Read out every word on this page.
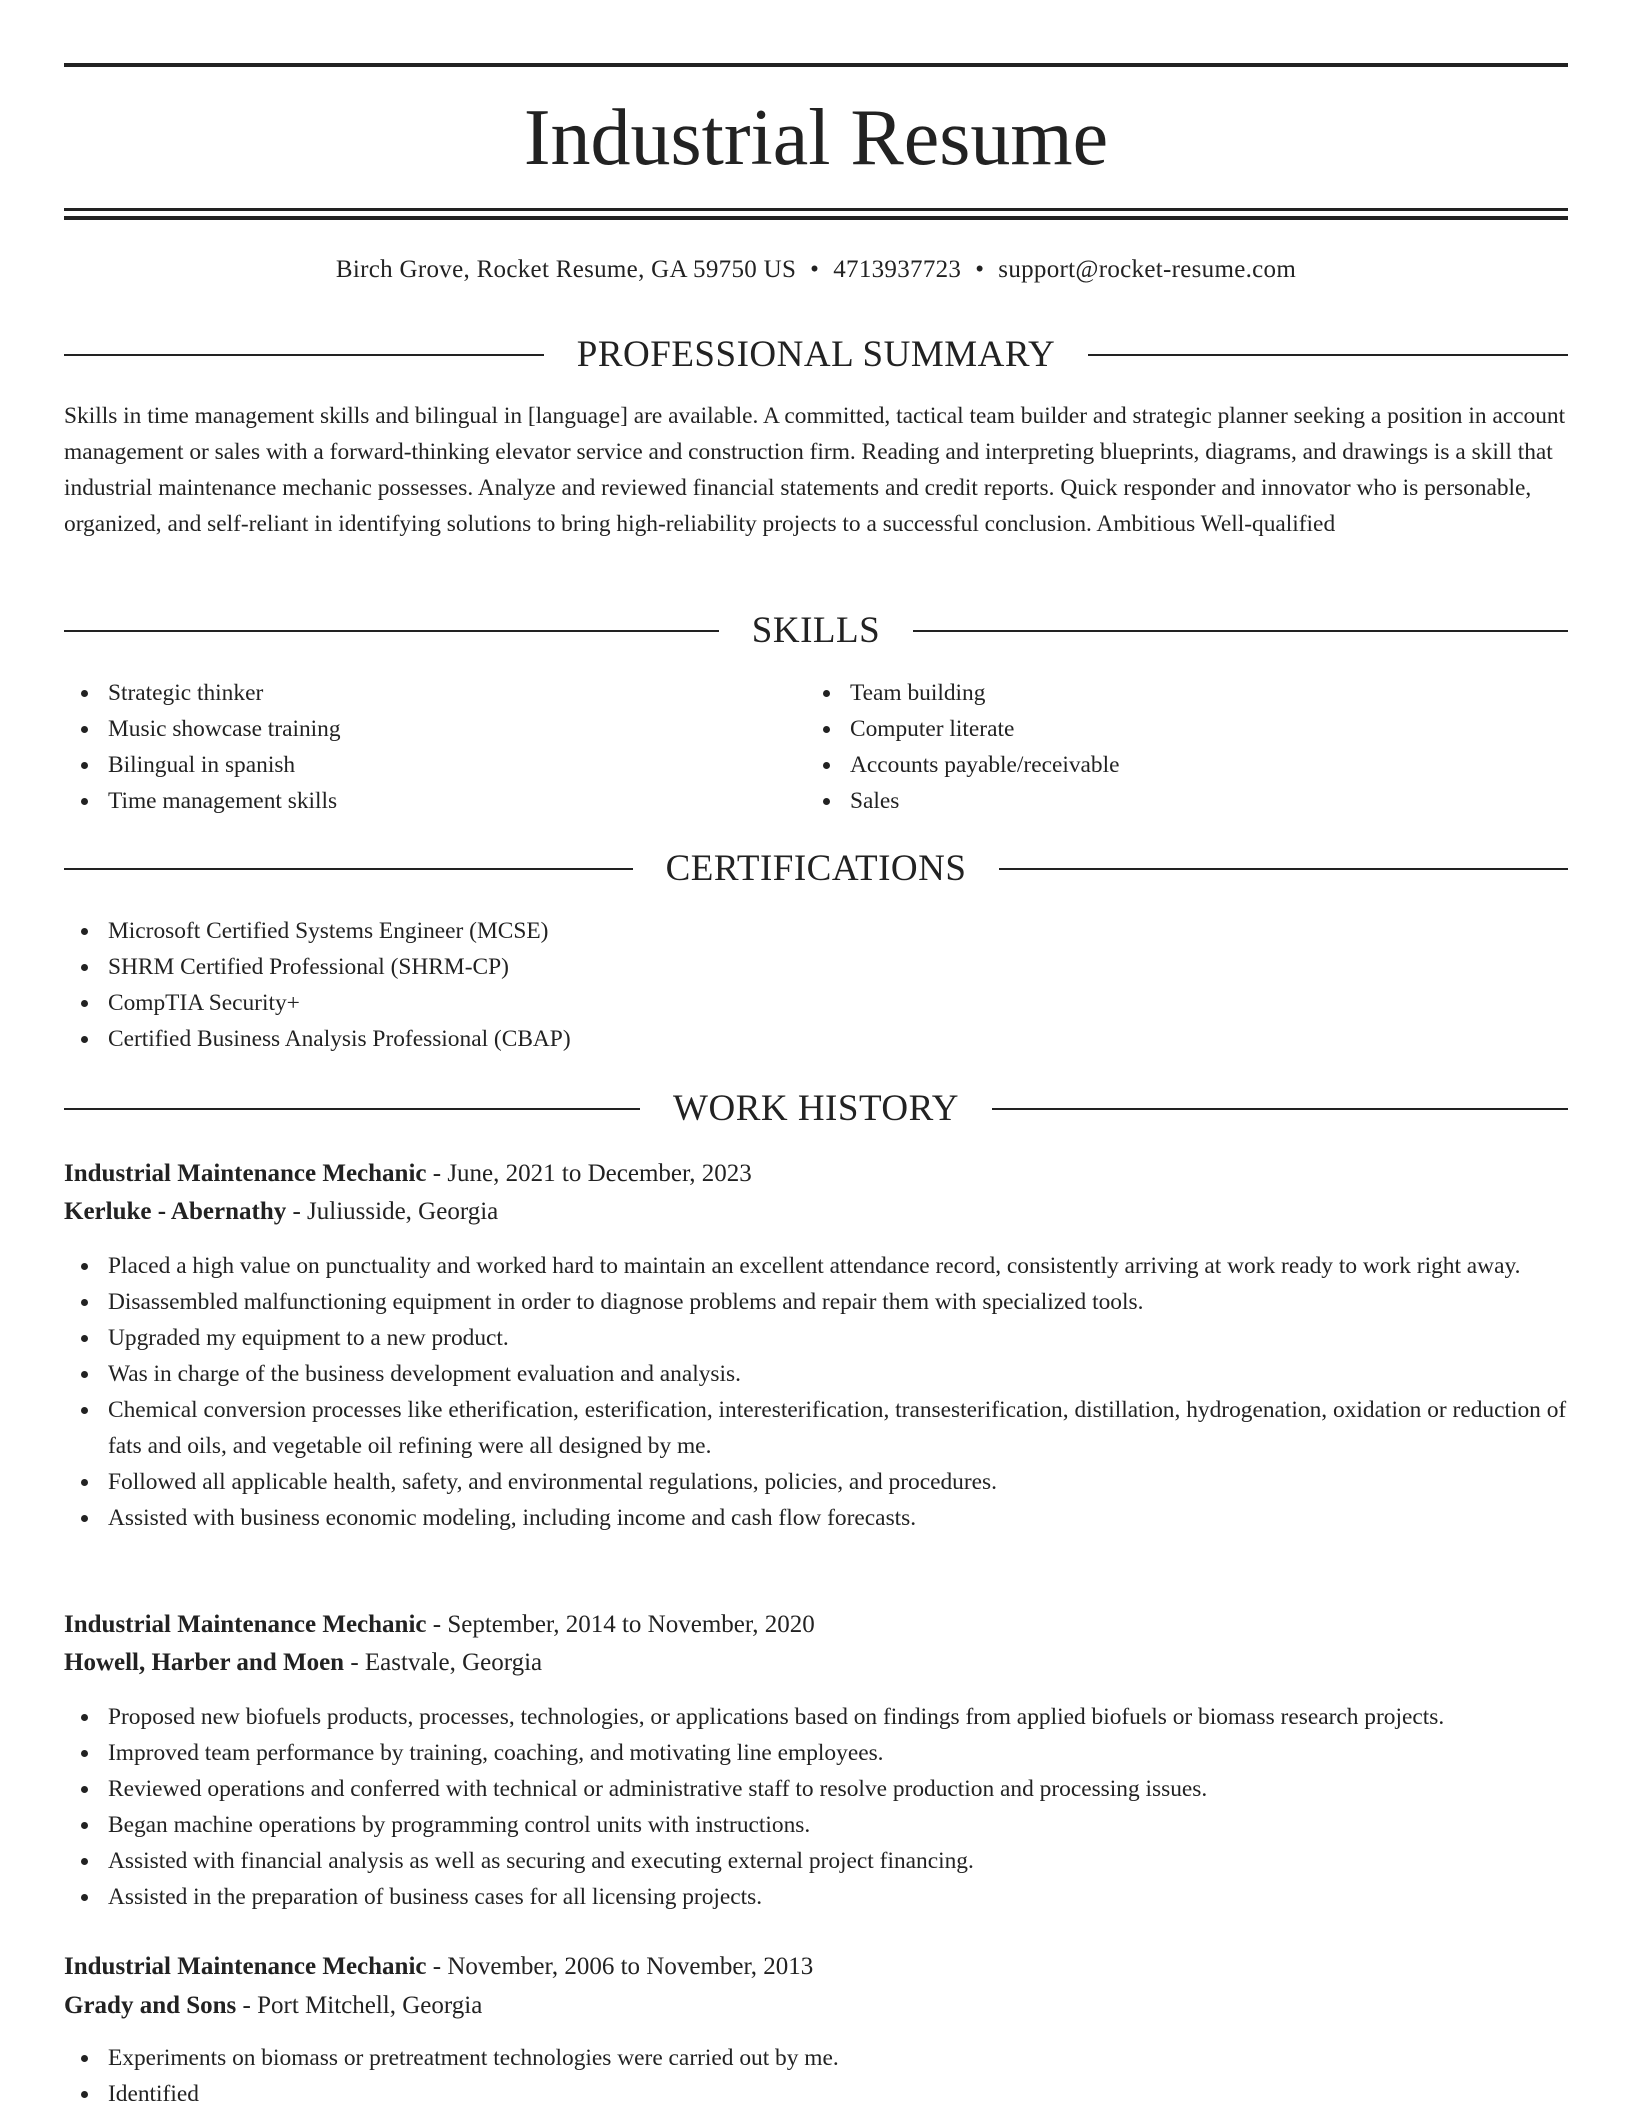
Industrial Resume
Birch Grove, Rocket Resume, GA 59750 US • 4713937723 • support@rocket-resume.com
PROFESSIONAL SUMMARY

Skills in time management skills and bilingual in [language] are available. A committed, tactical team builder and strategic planner seeking a position in account management or sales with a forward-thinking elevator service and construction firm. Reading and interpreting blueprints, diagrams, and drawings is a skill that industrial maintenance mechanic possesses. Analyze and reviewed financial statements and credit reports. Quick responder and innovator who is personable, organized, and self-reliant in identifying solutions to bring high-reliability projects to a successful conclusion. Ambitious Well-qualified

SKILLS
Strategic thinker
Music showcase training
Bilingual in spanish
Time management skills
Team building
Computer literate
Accounts payable/receivable
Sales
CERTIFICATIONS
Microsoft Certified Systems Engineer (MCSE)
SHRM Certified Professional (SHRM-CP)
CompTIA Security+
Certified Business Analysis Professional (CBAP)
WORK HISTORY
Industrial Maintenance Mechanic - June, 2021 to December, 2023
Kerluke - Abernathy - Juliusside, Georgia
Placed a high value on punctuality and worked hard to maintain an excellent attendance record, consistently arriving at work ready to work right away.
Disassembled malfunctioning equipment in order to diagnose problems and repair them with specialized tools.
Upgraded my equipment to a new product.
Was in charge of the business development evaluation and analysis.
Chemical conversion processes like etherification, esterification, interesterification, transesterification, distillation, hydrogenation, oxidation or reduction of fats and oils, and vegetable oil refining were all designed by me.
Followed all applicable health, safety, and environmental regulations, policies, and procedures.
Assisted with business economic modeling, including income and cash flow forecasts.
Industrial Maintenance Mechanic - September, 2014 to November, 2020
Howell, Harber and Moen - Eastvale, Georgia
Proposed new biofuels products, processes, technologies, or applications based on findings from applied biofuels or biomass research projects.
Improved team performance by training, coaching, and motivating line employees.
Reviewed operations and conferred with technical or administrative staff to resolve production and processing issues.
Began machine operations by programming control units with instructions.
Assisted with financial analysis as well as securing and executing external project financing.
Assisted in the preparation of business cases for all licensing projects.
Industrial Maintenance Mechanic - November, 2006 to November, 2013
Grady and Sons - Port Mitchell, Georgia
Experiments on biomass or pretreatment technologies were carried out by me.
Identified
